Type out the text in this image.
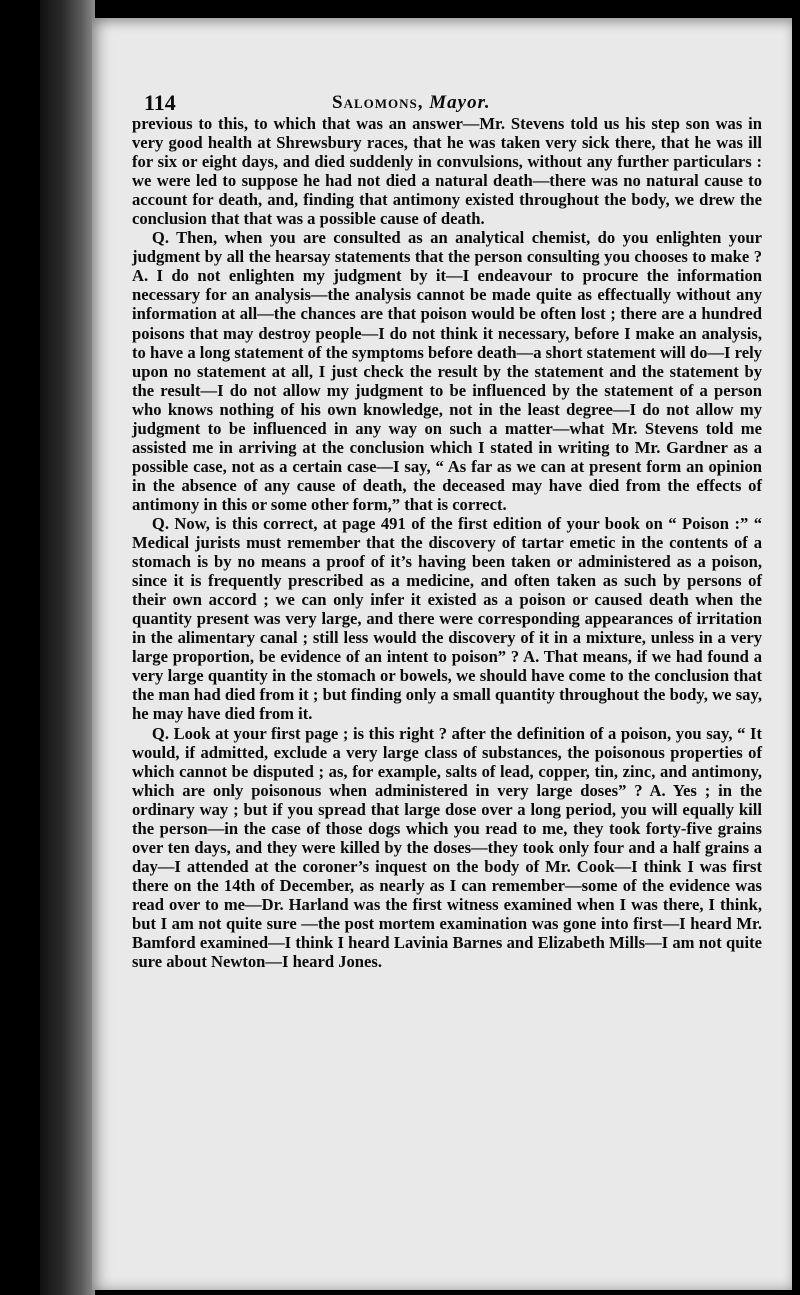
114	Salomons, Mayor.

previous to this, to which that was an answer—Mr. Stevens told us his step son was in very good health at Shrewsbury races, that he was taken very sick there, that he was ill for six or eight days, and died suddenly in convulsions, without any further particulars : we were led to suppose he had not died a natural death—there was no natural cause to account for death, and, finding that antimony existed throughout the body, we drew the conclusion that that was a possible cause of death.

Q. Then, when you are consulted as an analytical chemist, do you enlighten your judgment by all the hearsay statements that the person consulting you chooses to make ? A. I do not enlighten my judgment by it—I endeavour to procure the information necessary for an analysis—the analysis cannot be made quite as effectually without any information at all—the chances are that poison would be often lost ; there are a hundred poisons that may destroy people—I do not think it necessary, before I make an analysis, to have a long statement of the symptoms before death—a short statement will do—I rely upon no statement at all, I just check the result by the statement and the statement by the result—I do not allow my judgment to be influenced by the statement of a person who knows nothing of his own knowledge, not in the least degree—I do not allow my judgment to be influenced in any way on such a matter—what Mr. Stevens told me assisted me in arriving at the conclusion which I stated in writing to Mr. Gardner as a possible case, not as a certain case—I say, “ As far as we can at present form an opinion in the absence of any cause of death, the deceased may have died from the effects of antimony in this or some other form,” that is correct.

Q. Now, is this correct, at page 491 of the first edition of your book on “ Poison :” “ Medical jurists must remember that the discovery of tartar emetic in the contents of a stomach is by no means a proof of it’s having been taken or administered as a poison, since it is frequently prescribed as a medicine, and often taken as such by persons of their own accord ; we can only infer it existed as a poison or caused death when the quantity present was very large, and there were corresponding appearances of irritation in the alimentary canal ; still less would the discovery of it in a mixture, unless in a very large proportion, be evidence of an intent to poison” ? A. That means, if we had found a very large quantity in the stomach or bowels, we should have come to the conclusion that the man had died from it ; but finding only a small quantity throughout the body, we say, he may have died from it.

Q. Look at your first page ; is this right ? after the definition of a poison, you say, “ It would, if admitted, exclude a very large class of substances, the poisonous properties of which cannot be disputed ; as, for example, salts of lead, copper, tin, zinc, and antimony, which are only poisonous when administered in very large doses” ? A. Yes ; in the ordinary way ; but if you spread that large dose over a long period, you will equally kill the person—in the case of those dogs which you read to me, they took forty-five grains over ten days, and they were killed by the doses—they took only four and a half grains a day—I attended at the coroner’s inquest on the body of Mr. Cook—I think I was first there on the 14th of December, as nearly as I can remember—some of the evidence was read over to me—Dr. Harland was the first witness examined when I was there, I think, but I am not quite sure —the post mortem examination was gone into first—I heard Mr. Bamford examined—I think I heard Lavinia Barnes and Elizabeth Mills—I am not quite sure about Newton—I heard Jones.
